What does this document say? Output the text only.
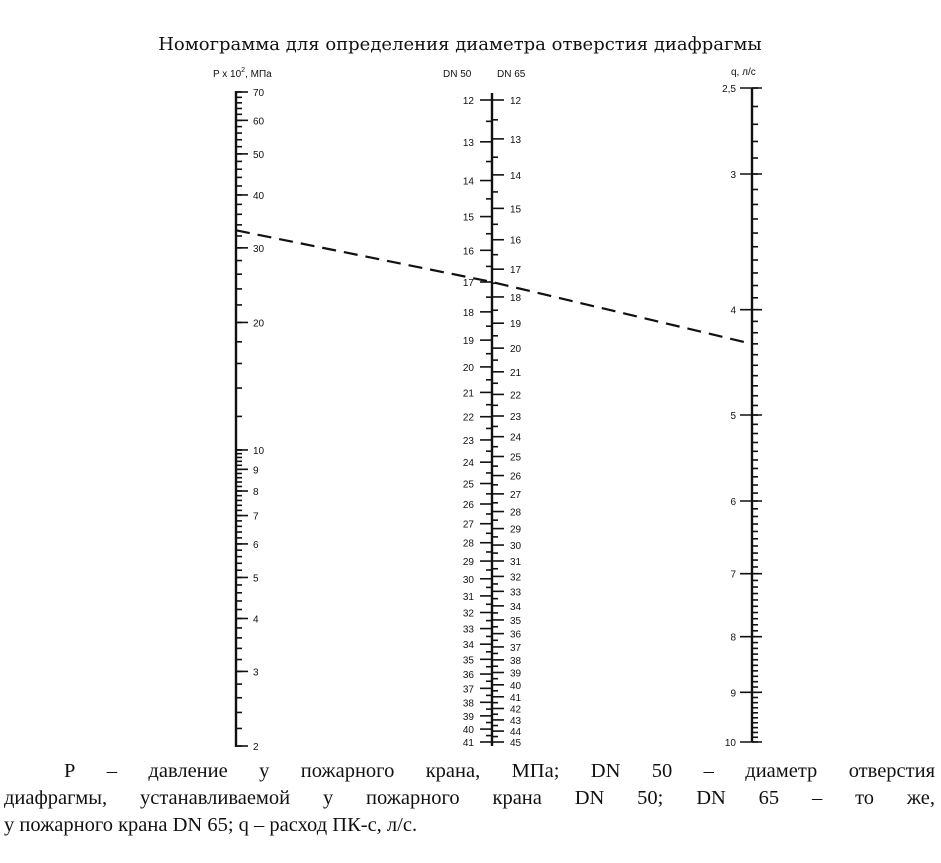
Номограмма для определения диаметра отверстия диафрагмы
P x $10^2$, МПа	DN 50	DN 65	q, л/с
70
60
50
40
30
20
10
9
8
7
6
5
4
3
2
12
13
14
15
16
17
18
19
20
21
22
23
24
25
26
27
28
29
30
31
32
33
34
35
36
37
38
39
40
41
12
13
14
15
16
17
18
19
20
21
22
23
24
25
26
27
28
29
30
31
32
33
34
35
36
37
38
39
40
41
42
43
44
45
2,5
3
4
5
6
7
8
9
10

Р – давление у пожарного крана, МПа; DN 50 – диаметр отверстия
диафрагмы, устанавливаемой у пожарного крана DN 50; DN 65 – то же,
у пожарного крана DN 65; q – расход ПК-с, л/с.
